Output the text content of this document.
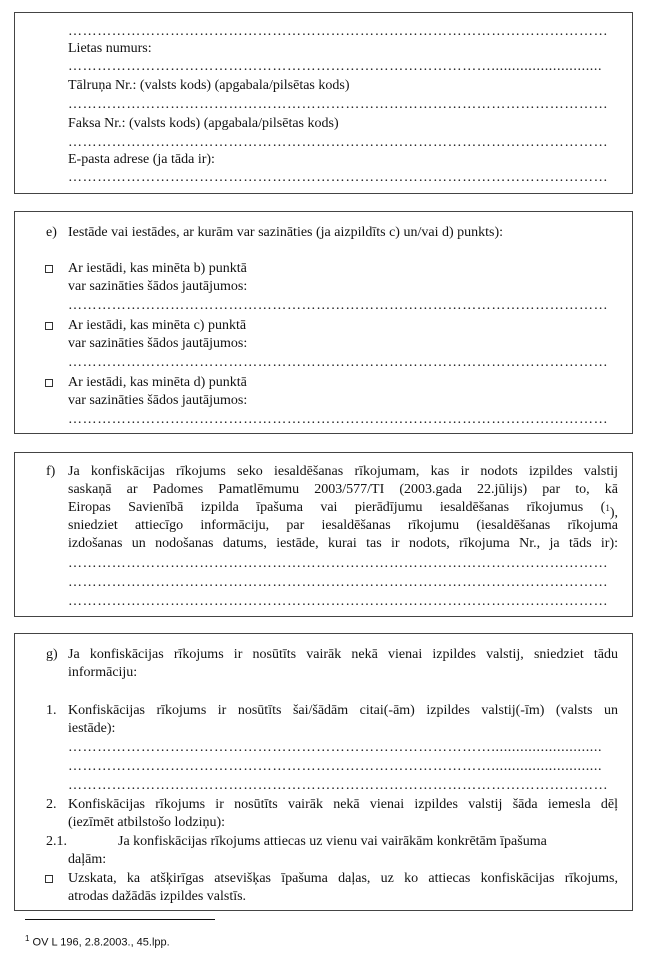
…………………………………………………………………………………………………
Lietas numurs:
……………………………………………………………………………...........................
Tālruņa Nr.: (valsts kods) (apgabala/pilsētas kods)
…………………………………………………………………………………………………
Faksa Nr.: (valsts kods) (apgabala/pilsētas kods)
…………………………………………………………………………………………………
E-pasta adrese (ja tāda ir):
…………………………………………………………………………………………………
e) Iestāde vai iestādes, ar kurām var sazināties (ja aizpildīts c) un/vai d) punkts):
Ar iestādi, kas minēta b) punktā
var sazināties šādos jautājumos:
…………………………………………………………………………………………………
Ar iestādi, kas minēta c) punktā
var sazināties šādos jautājumos:
…………………………………………………………………………………………………
Ar iestādi, kas minēta d) punktā
var sazināties šādos jautājumos:
…………………………………………………………………………………………………
f) Ja konfiskācijas rīkojums seko iesaldēšanas rīkojumam, kas ir nodots izpildes valstij
saskaņā ar Padomes Pamatlēmumu 2003/577/TI (2003.gada 22.jūlijs) par to, kā
Eiropas Savienībā izpilda īpašuma vai pierādījumu iesaldēšanas rīkojumus ( $^1$),
sniedziet attiecīgo informāciju, par iesaldēšanas rīkojumu (iesaldēšanas rīkojuma
izdošanas un nodošanas datums, iestāde, kurai tas ir nodots, rīkojuma Nr., ja tāds ir):
…………………………………………………………………………………………………
…………………………………………………………………………………………………
…………………………………………………………………………………………………
g) Ja konfiskācijas rīkojums ir nosūtīts vairāk nekā vienai izpildes valstij, sniedziet tādu
informāciju:
1. Konfiskācijas rīkojums ir nosūtīts šai/šādām citai(-ām) izpildes valstij(-īm) (valsts un
iestāde):
……………………………………………………………………………...........................
……………………………………………………………………………...........................
…………………………………………………………………………………………………
2. Konfiskācijas rīkojums ir nosūtīts vairāk nekā vienai izpildes valstij šāda iemesla dēļ
(iezīmēt atbilstošo lodziņu):
2.1.	Ja konfiskācijas rīkojums attiecas uz vienu vai vairākām konkrētām īpašuma
daļām:
Uzskata, ka atšķirīgas atsevišķas īpašuma daļas, uz ko attiecas konfiskācijas rīkojums,
atrodas dažādās izpildes valstīs.
$^1$ OV L 196, 2.8.2003., 45.lpp.
